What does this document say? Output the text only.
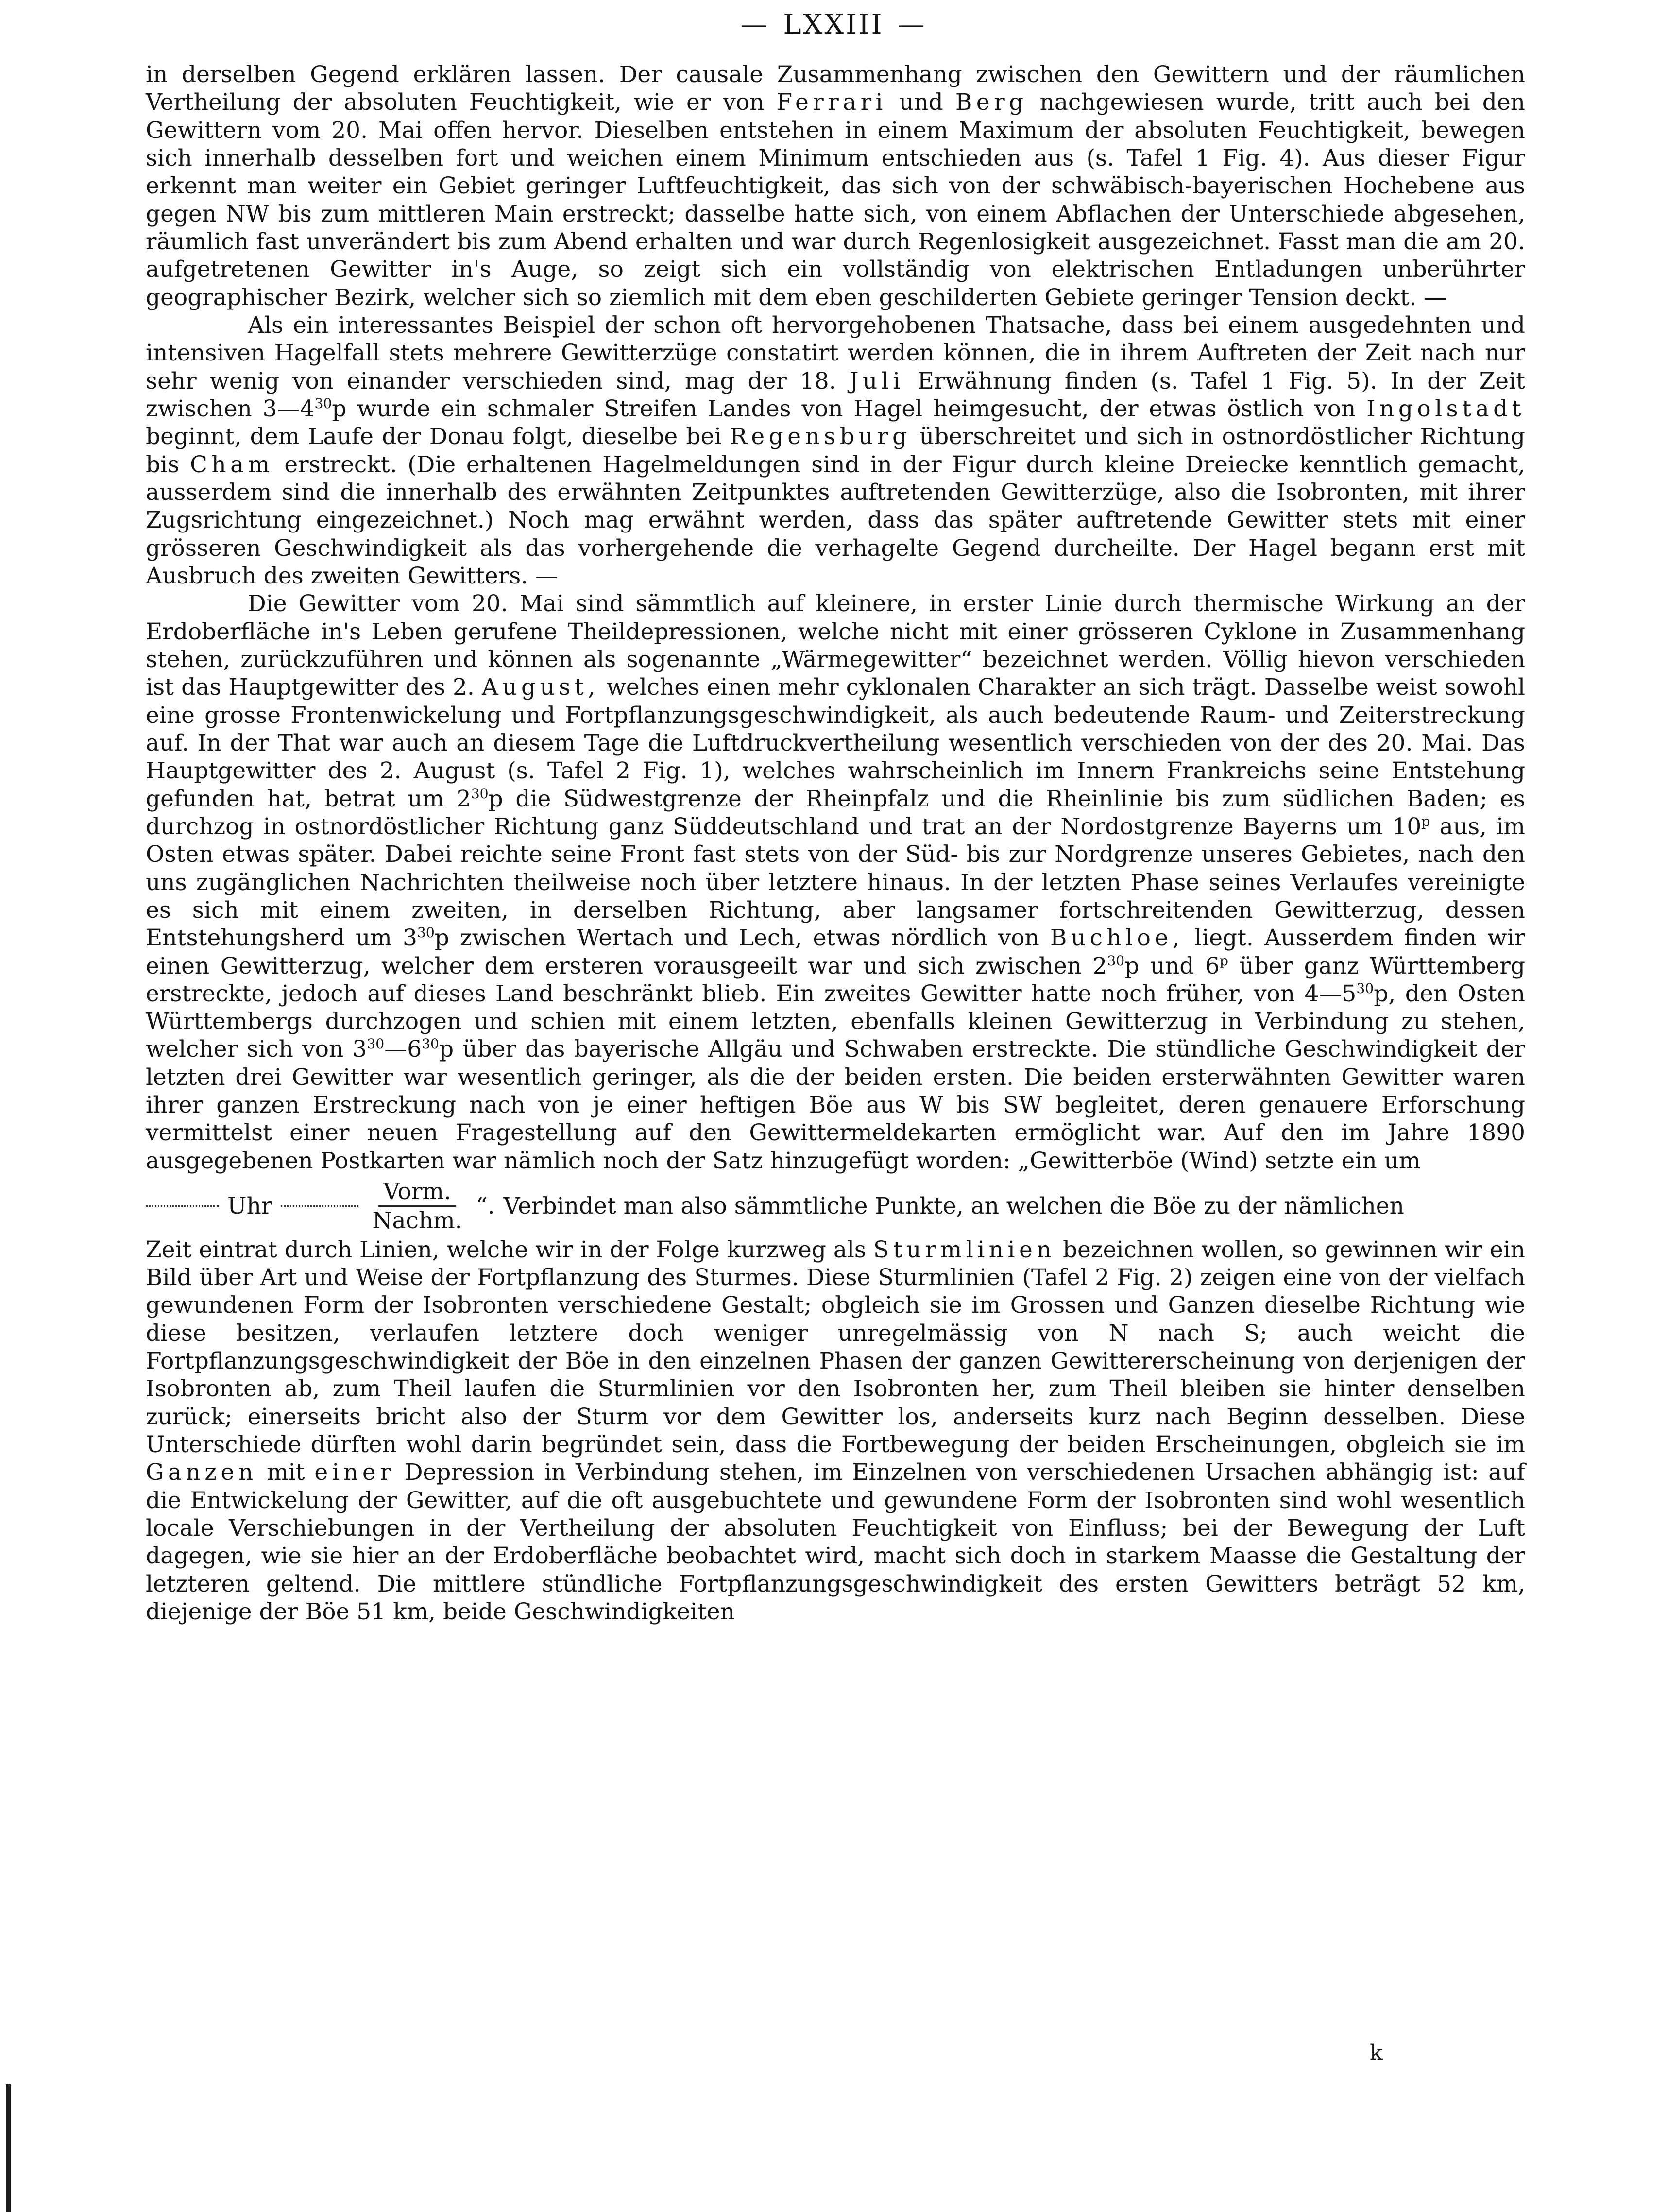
— LXXIII —

in derselben Gegend erklären lassen. Der causale Zusammenhang zwischen den Gewittern und der räumlichen Vertheilung der absoluten Feuchtigkeit, wie er von Ferrari und Berg nachgewiesen wurde, tritt auch bei den Gewittern vom 20. Mai offen hervor. Dieselben entstehen in einem Maximum der absoluten Feuchtigkeit, bewegen sich innerhalb desselben fort und weichen einem Minimum entschieden aus (s. Tafel 1 Fig. 4). Aus dieser Figur erkennt man weiter ein Gebiet geringer Luftfeuchtigkeit, das sich von der schwäbisch-bayerischen Hochebene aus gegen NW bis zum mittleren Main erstreckt; dasselbe hatte sich, von einem Abflachen der Unterschiede abgesehen, räumlich fast unverändert bis zum Abend erhalten und war durch Regenlosigkeit ausgezeichnet. Fasst man die am 20. aufgetretenen Gewitter in's Auge, so zeigt sich ein vollständig von elektrischen Entladungen unberührter geographischer Bezirk, welcher sich so ziemlich mit dem eben geschilderten Gebiete geringer Tension deckt. —

Als ein interessantes Beispiel der schon oft hervorgehobenen Thatsache, dass bei einem ausgedehnten und intensiven Hagelfall stets mehrere Gewitterzüge constatirt werden können, die in ihrem Auftreten der Zeit nach nur sehr wenig von einander verschieden sind, mag der 18. Juli Erwähnung finden (s. Tafel 1 Fig. 5). In der Zeit zwischen $3—4^{30}p$ wurde ein schmaler Streifen Landes von Hagel heimgesucht, der etwas östlich von Ingolstadt beginnt, dem Laufe der Donau folgt, dieselbe bei Regensburg überschreitet und sich in ostnordöstlicher Richtung bis Cham erstreckt. (Die erhaltenen Hagelmeldungen sind in der Figur durch kleine Dreiecke kenntlich gemacht, ausserdem sind die innerhalb des erwähnten Zeitpunktes auftretenden Gewitterzüge, also die Isobronten, mit ihrer Zugsrichtung eingezeichnet.) Noch mag erwähnt werden, dass das später auftretende Gewitter stets mit einer grösseren Geschwindigkeit als das vorhergehende die verhagelte Gegend durcheilte. Der Hagel begann erst mit Ausbruch des zweiten Gewitters. —

Die Gewitter vom 20. Mai sind sämmtlich auf kleinere, in erster Linie durch thermische Wirkung an der Erdoberfläche in's Leben gerufene Theildepressionen, welche nicht mit einer grösseren Cyklone in Zusammenhang stehen, zurückzuführen und können als sogenannte „Wärmegewitter“ bezeichnet werden. Völlig hievon verschieden ist das Hauptgewitter des 2. August, welches einen mehr cyklonalen Charakter an sich trägt. Dasselbe weist sowohl eine grosse Frontenwickelung und Fortpflanzungsgeschwindigkeit, als auch bedeutende Raum- und Zeiterstreckung auf. In der That war auch an diesem Tage die Luftdruckvertheilung wesentlich verschieden von der des 20. Mai. Das Hauptgewitter des 2. August (s. Tafel 2 Fig. 1), welches wahrscheinlich im Innern Frankreichs seine Entstehung gefunden hat, betrat um $2^{30}p$ die Südwestgrenze der Rheinpfalz und die Rheinlinie bis zum südlichen Baden; es durchzog in ostnordöstlicher Richtung ganz Süddeutschland und trat an der Nordostgrenze Bayerns um 10$^p$ aus, im Osten etwas später. Dabei reichte seine Front fast stets von der Süd- bis zur Nordgrenze unseres Gebietes, nach den uns zugänglichen Nachrichten theilweise noch über letztere hinaus. In der letzten Phase seines Verlaufes vereinigte es sich mit einem zweiten, in derselben Richtung, aber langsamer fortschreitenden Gewitterzug, dessen Entstehungsherd um $3^{30}p$ zwischen Wertach und Lech, etwas nördlich von Buchloe, liegt. Ausserdem finden wir einen Gewitterzug, welcher dem ersteren vorausgeeilt war und sich zwischen $2^{30}p$ und 6$^p$ über ganz Württemberg erstreckte, jedoch auf dieses Land beschränkt blieb. Ein zweites Gewitter hatte noch früher, von $4—5^{30}p$, den Osten Württembergs durchzogen und schien mit einem letzten, ebenfalls kleinen Gewitterzug in Verbindung zu stehen, welcher sich von $3^{30}—6^{30}p$ über das bayerische Allgäu und Schwaben erstreckte. Die stündliche Geschwindigkeit der letzten drei Gewitter war wesentlich geringer, als die der beiden ersten. Die beiden ersterwähnten Gewitter waren ihrer ganzen Erstreckung nach von je einer heftigen Böe aus W bis SW begleitet, deren genauere Erforschung vermittelst einer neuen Fragestellung auf den Gewittermeldekarten ermöglicht war. Auf den im Jahre 1890 ausgegebenen Postkarten war nämlich noch der Satz hinzugefügt worden: „Gewitterböe (Wind) setzte ein um

Uhr	$\frac{\text{Vorm.}}{\text{Nachm.}}$ “. Verbindet man also sämmtliche Punkte, an welchen die Böe zu der nämlichen

Zeit eintrat durch Linien, welche wir in der Folge kurzweg als Sturmlinien bezeichnen wollen, so gewinnen wir ein Bild über Art und Weise der Fortpflanzung des Sturmes. Diese Sturmlinien (Tafel 2 Fig. 2) zeigen eine von der vielfach gewundenen Form der Isobronten verschiedene Gestalt; obgleich sie im Grossen und Ganzen dieselbe Richtung wie diese besitzen, verlaufen letztere doch weniger unregelmässig von N nach S; auch weicht die Fortpflanzungsgeschwindigkeit der Böe in den einzelnen Phasen der ganzen Gewittererscheinung von derjenigen der Isobronten ab, zum Theil laufen die Sturmlinien vor den Isobronten her, zum Theil bleiben sie hinter denselben zurück; einerseits bricht also der Sturm vor dem Gewitter los, anderseits kurz nach Beginn desselben. Diese Unterschiede dürften wohl darin begründet sein, dass die Fortbewegung der beiden Erscheinungen, obgleich sie im Ganzen mit einer Depression in Verbindung stehen, im Einzelnen von verschiedenen Ursachen abhängig ist: auf die Entwickelung der Gewitter, auf die oft ausgebuchtete und gewundene Form der Isobronten sind wohl wesentlich locale Verschiebungen in der Vertheilung der absoluten Feuchtigkeit von Einfluss; bei der Bewegung der Luft dagegen, wie sie hier an der Erdoberfläche beobachtet wird, macht sich doch in starkem Maasse die Gestaltung der letzteren geltend. Die mittlere stündliche Fortpflanzungsgeschwindigkeit des ersten Gewitters beträgt 52 km, diejenige der Böe 51 km, beide Geschwindigkeiten

k
